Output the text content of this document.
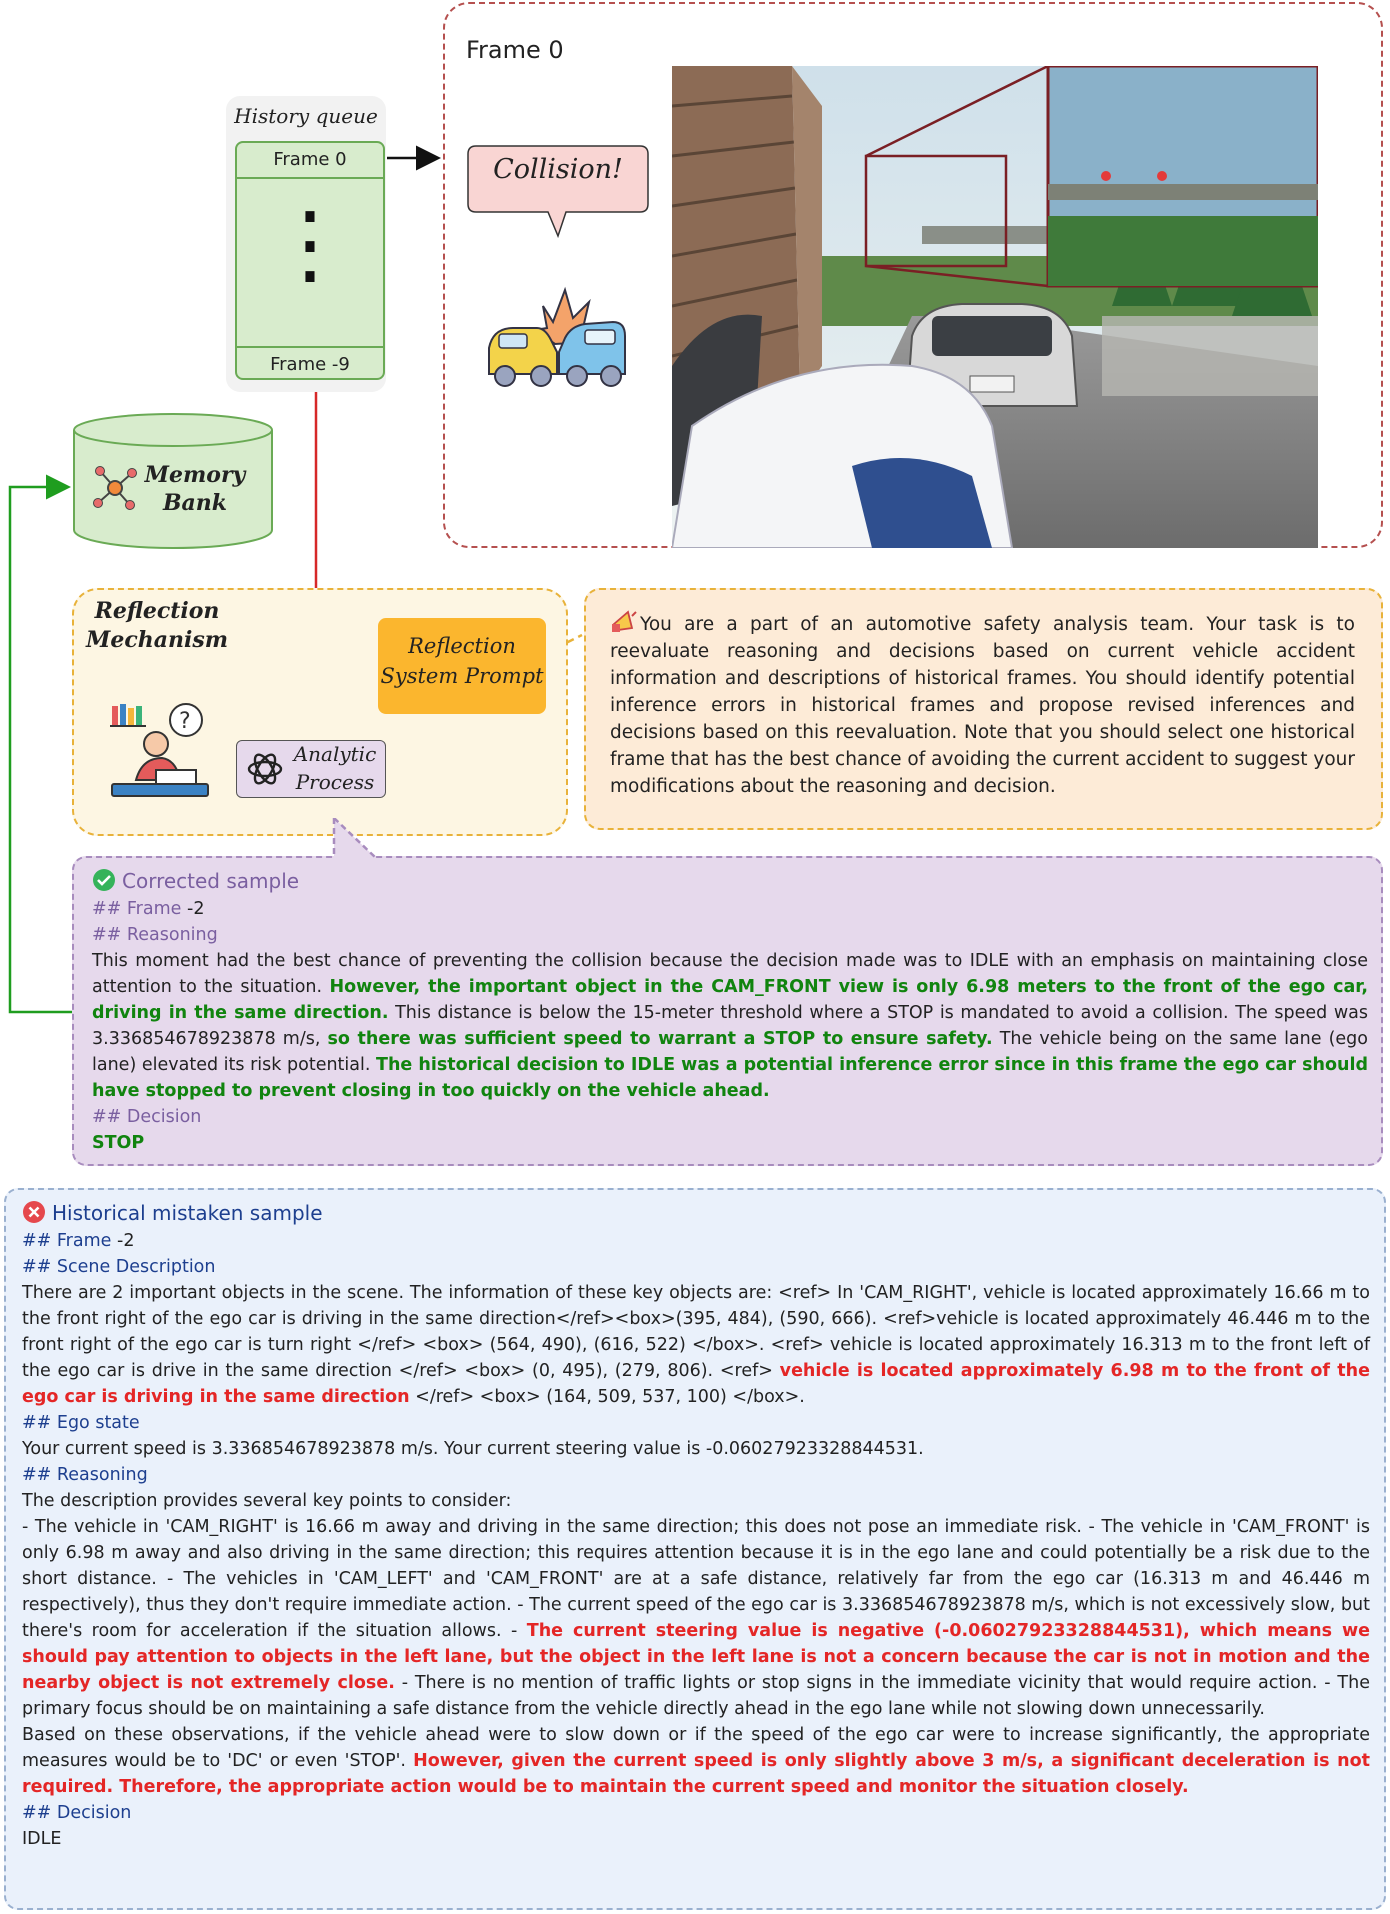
Frame 0
Collision!
History queue
Frame 0
⋮
Frame -9
Memory
Bank
Reflection
Mechanism
?
Reflection
System Prompt
Analytic
Process
You are a part of an automotive safety analysis team. Your task is to reevaluate reasoning and decisions based on current vehicle accident information and descriptions of historical frames. You should identify potential inference errors in historical frames and propose revised inferences and decisions based on this reevaluation. Note that you should select one historical frame that has the best chance of avoiding the current accident to suggest your modifications about the reasoning and decision.
Corrected sample
## Frame -2
## Reasoning
This moment had the best chance of preventing the collision because the decision made was to IDLE with an emphasis on maintaining close attention to the situation. However, the important object in the CAM_FRONT view is only 6.98 meters to the front of the ego car, driving in the same direction. This distance is below the 15-meter threshold where a STOP is mandated to avoid a collision. The speed was 3.336854678923878 m/s, so there was sufficient speed to warrant a STOP to ensure safety. The vehicle being on the same lane (ego lane) elevated its risk potential. The historical decision to IDLE was a potential inference error since in this frame the ego car should have stopped to prevent closing in too quickly on the vehicle ahead.
## Decision
STOP
Historical mistaken sample
## Frame -2
## Scene Description
There are 2 important objects in the scene. The information of these key objects are: <ref> In 'CAM_RIGHT', vehicle is located approximately 16.66 m to the front right of the ego car is driving in the same direction</ref><box>(395, 484), (590, 666). <ref>vehicle is located approximately 46.446 m to the front right of the ego car is turn right </ref> <box> (564, 490), (616, 522) </box>. <ref> vehicle is located approximately 16.313 m to the front left of the ego car is drive in the same direction </ref> <box> (0, 495), (279, 806). <ref> vehicle is located approximately 6.98 m to the front of the ego car is driving in the same direction </ref> <box> (164, 509, 537, 100) </box>.
## Ego state
Your current speed is 3.336854678923878 m/s. Your current steering value is -0.06027923328844531.
## Reasoning
The description provides several key points to consider:
- The vehicle in 'CAM_RIGHT' is 16.66 m away and driving in the same direction; this does not pose an immediate risk. - The vehicle in 'CAM_FRONT' is only 6.98 m away and also driving in the same direction; this requires attention because it is in the ego lane and could potentially be a risk due to the short distance. - The vehicles in 'CAM_LEFT' and 'CAM_FRONT' are at a safe distance, relatively far from the ego car (16.313 m and 46.446 m respectively), thus they don't require immediate action. - The current speed of the ego car is 3.336854678923878 m/s, which is not excessively slow, but there's room for acceleration if the situation allows. - The current steering value is negative (-0.06027923328844531), which means we should pay attention to objects in the left lane, but the object in the left lane is not a concern because the car is not in motion and the nearby object is not extremely close. - There is no mention of traffic lights or stop signs in the immediate vicinity that would require action. - The primary focus should be on maintaining a safe distance from the vehicle directly ahead in the ego lane while not slowing down unnecessarily.
Based on these observations, if the vehicle ahead were to slow down or if the speed of the ego car were to increase significantly, the appropriate measures would be to 'DC' or even 'STOP'. However, given the current speed is only slightly above 3 m/s, a significant deceleration is not required. Therefore, the appropriate action would be to maintain the current speed and monitor the situation closely.
## Decision
IDLE
